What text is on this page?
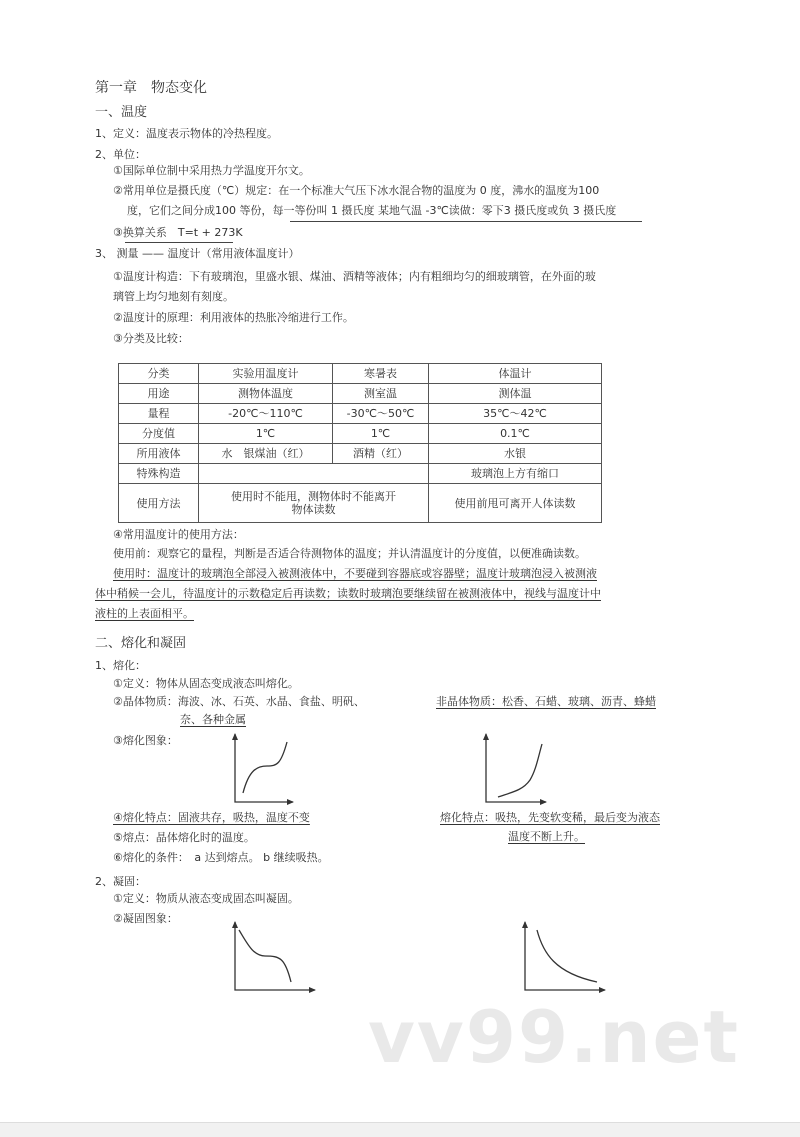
第一章　物态变化
一、温度
1、定义：温度表示物体的冷热程度。
2、单位：
①国际单位制中采用热力学温度开尔文。
②常用单位是摄氏度（℃）规定：在一个标准大气压下冰水混合物的温度为 0 度，沸水的温度为100
度，它们之间分成100 等份，每一等份叫 1 摄氏度 某地气温 -3℃读做：零下3 摄氏度或负 3 摄氏度
③换算关系　T=t + 273K
3、 测量 —— 温度计（常用液体温度计）
①温度计构造：下有玻璃泡，里盛水银、煤油、酒精等液体；内有粗细均匀的细玻璃管，在外面的玻
璃管上均匀地刻有刻度。
②温度计的原理：利用液体的热胀冷缩进行工作。
③分类及比较：
分类	实验用温度计	寒暑表	体温计
用途	测物体温度	测室温	测体温
量程	-20℃～110℃	-30℃～50℃	35℃～42℃
分度值	1℃	1℃	0.1℃
所用液体	水　银煤油（红）	酒精（红）	水银
特殊构造			玻璃泡上方有缩口
使用方法	使用时不能甩，测物体时不能离开物体读数		使用前甩可离开人体读数
④常用温度计的使用方法：
使用前：观察它的量程，判断是否适合待测物体的温度；并认清温度计的分度值，以便准确读数。
使用时：温度计的玻璃泡全部浸入被测液体中，不要碰到容器底或容器壁；温度计玻璃泡浸入被测液
体中稍候一会儿，待温度计的示数稳定后再读数；读数时玻璃泡要继续留在被测液体中，视线与温度计中
液柱的上表面相平。
二、熔化和凝固
1、熔化：
①定义：物体从固态变成液态叫熔化。
②晶体物质：海波、冰、石英、水晶、食盐、明矾、	非晶体物质：松香、石蜡、玻璃、沥青、蜂蜡
奈、各种金属
③熔化图象：
④熔化特点：固液共存，吸热，温度不变	熔化特点：吸热，先变软变稀，最后变为液态
温度不断上升。
⑤熔点：晶体熔化时的温度。
⑥熔化的条件：　a 达到熔点。 b 继续吸热。
2、凝固：
①定义：物质从液态变成固态叫凝固。
②凝固图象：
vv99.net
